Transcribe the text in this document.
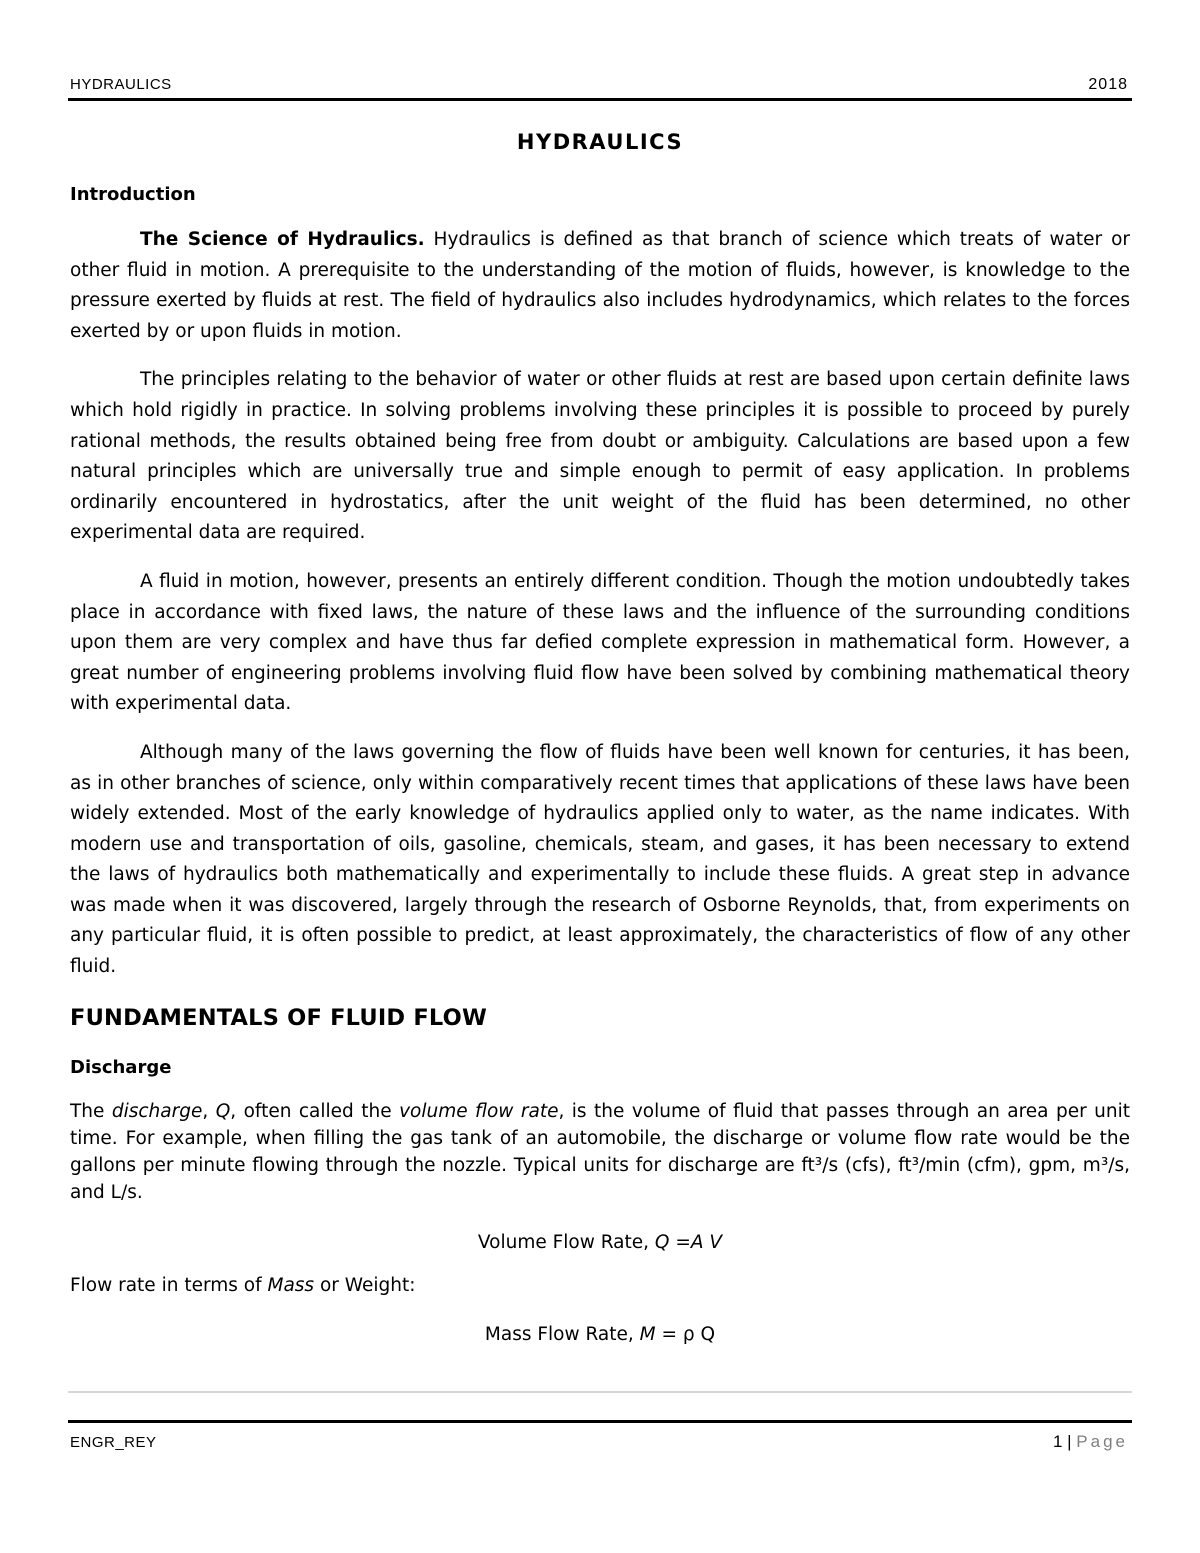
HYDRAULICS	2018
HYDRAULICS
Introduction

The Science of Hydraulics. Hydraulics is defined as that branch of science which treats of water or other fluid in motion. A prerequisite to the understanding of the motion of fluids, however, is knowledge to the pressure exerted by fluids at rest. The field of hydraulics also includes hydrodynamics, which relates to the forces exerted by or upon fluids in motion.

The principles relating to the behavior of water or other fluids at rest are based upon certain definite laws which hold rigidly in practice. In solving problems involving these principles it is possible to proceed by purely rational methods, the results obtained being free from doubt or ambiguity. Calculations are based upon a few natural principles which are universally true and simple enough to permit of easy application. In problems ordinarily encountered in hydrostatics, after the unit weight of the fluid has been determined, no other experimental data are required.

A fluid in motion, however, presents an entirely different condition. Though the motion undoubtedly takes place in accordance with fixed laws, the nature of these laws and the influence of the surrounding conditions upon them are very complex and have thus far defied complete expression in mathematical form. However, a great number of engineering problems involving fluid flow have been solved by combining mathematical theory with experimental data.

Although many of the laws governing the flow of fluids have been well known for centuries, it has been, as in other branches of science, only within comparatively recent times that applications of these laws have been widely extended. Most of the early knowledge of hydraulics applied only to water, as the name indicates. With modern use and transportation of oils, gasoline, chemicals, steam, and gases, it has been necessary to extend the laws of hydraulics both mathematically and experimentally to include these fluids. A great step in advance was made when it was discovered, largely through the research of Osborne Reynolds, that, from experiments on any particular fluid, it is often possible to predict, at least approximately, the characteristics of flow of any other fluid.

FUNDAMENTALS OF FLUID FLOW
Discharge

The discharge, Q, often called the volume flow rate, is the volume of fluid that passes through an area per unit time. For example, when filling the gas tank of an automobile, the discharge or volume flow rate would be the gallons per minute flowing through the nozzle. Typical units for discharge are ft³/s (cfs), ft³/min (cfm), gpm, m³/s, and L/s.

Volume Flow Rate, Q =A V
Flow rate in terms of Mass or Weight:
Mass Flow Rate, M = ρ Q
ENGR_REY	1 | Page
